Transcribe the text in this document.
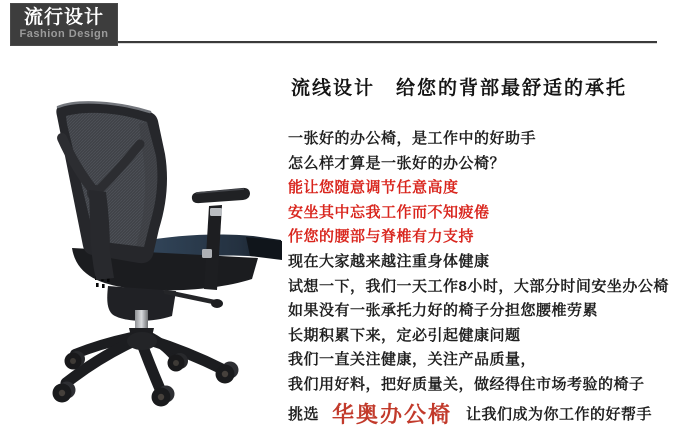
流行设计
Fashion Design
流线设计　给您的背部最舒适的承托
一张好的办公椅，是工作中的好助手
怎么样才算是一张好的办公椅？
能让您随意调节任意高度
安坐其中忘我工作而不知疲倦
作您的腰部与脊椎有力支持
现在大家越来越注重身体健康
试想一下，我们一天工作8小时，大部分时间安坐办公椅
如果没有一张承托力好的椅子分担您腰椎劳累
长期积累下来，定必引起健康问题
我们一直关注健康，关注产品质量，
我们用好料，把好质量关，做经得住市场考验的椅子
挑选 华奥办公椅 让我们成为你工作的好帮手
